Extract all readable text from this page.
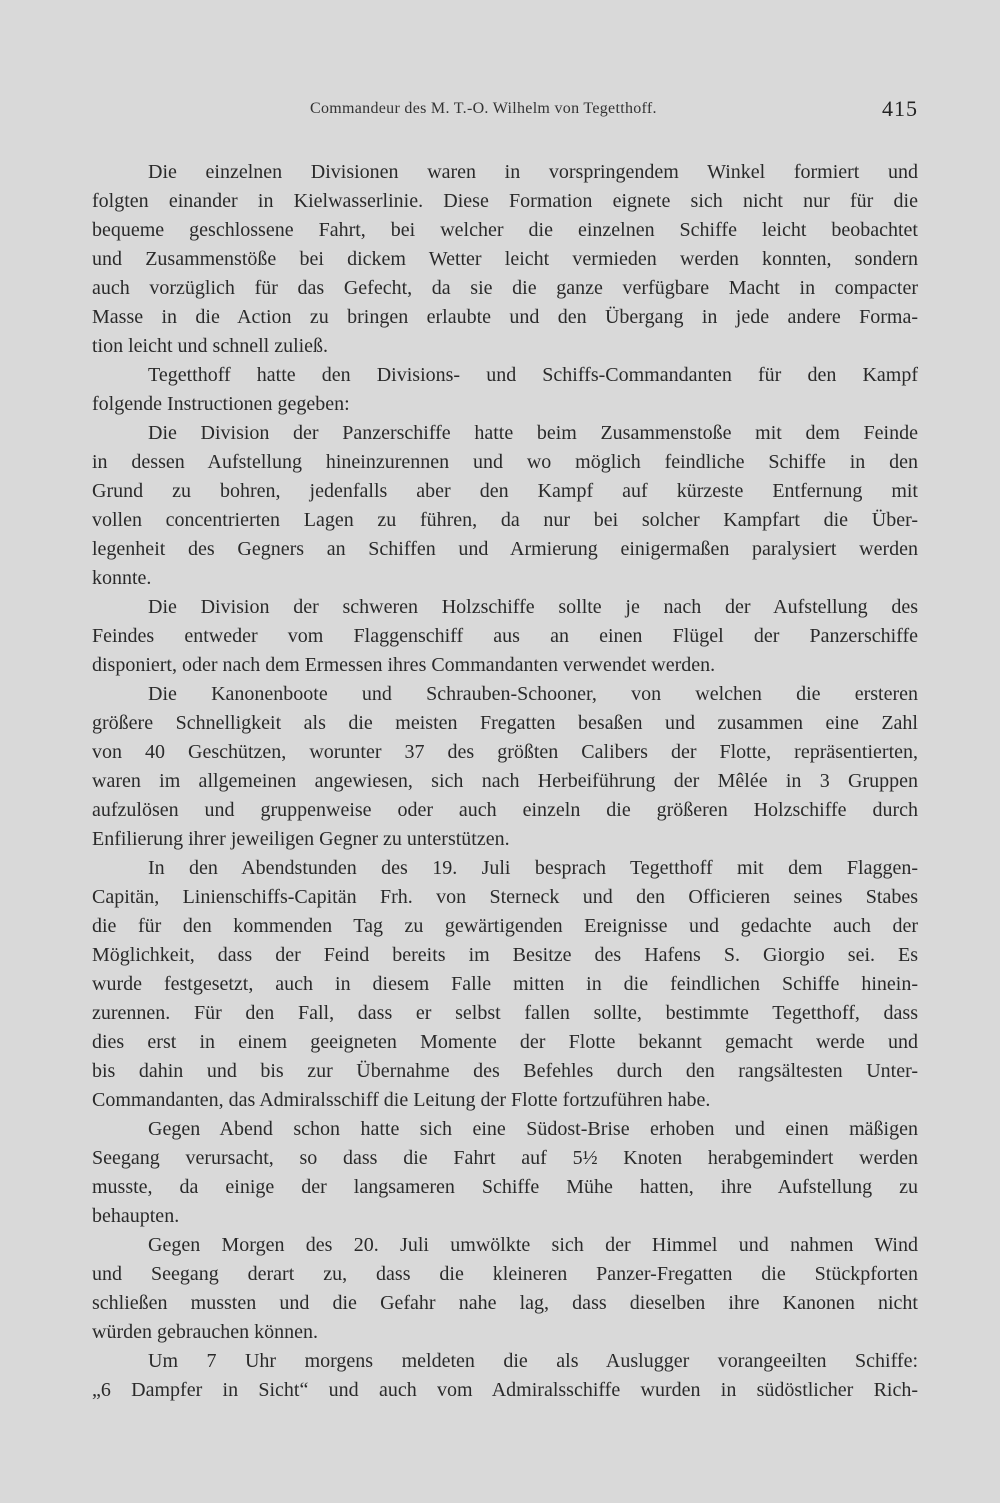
Commandeur des M. T.-O. Wilhelm von Tegetthoff.	415
Die einzelnen Divisionen waren in vorspringendem Winkel formiert und
folgten einander in Kielwasserlinie. Diese Formation eignete sich nicht nur für die
bequeme geschlossene Fahrt, bei welcher die einzelnen Schiffe leicht beobachtet
und Zusammenstöße bei dickem Wetter leicht vermieden werden konnten, sondern
auch vorzüglich für das Gefecht, da sie die ganze verfügbare Macht in compacter
Masse in die Action zu bringen erlaubte und den Übergang in jede andere Forma-
tion leicht und schnell zuließ.
Tegetthoff hatte den Divisions- und Schiffs-Commandanten für den Kampf
folgende Instructionen gegeben:
Die Division der Panzerschiffe hatte beim Zusammenstoße mit dem Feinde
in dessen Aufstellung hineinzurennen und wo möglich feindliche Schiffe in den
Grund zu bohren, jedenfalls aber den Kampf auf kürzeste Entfernung mit
vollen concentrierten Lagen zu führen, da nur bei solcher Kampfart die Über-
legenheit des Gegners an Schiffen und Armierung einigermaßen paralysiert werden
konnte.
Die Division der schweren Holzschiffe sollte je nach der Aufstellung des
Feindes entweder vom Flaggenschiff aus an einen Flügel der Panzerschiffe
disponiert, oder nach dem Ermessen ihres Commandanten verwendet werden.
Die Kanonenboote und Schrauben-Schooner, von welchen die ersteren
größere Schnelligkeit als die meisten Fregatten besaßen und zusammen eine Zahl
von 40 Geschützen, worunter 37 des größten Calibers der Flotte, repräsentierten,
waren im allgemeinen angewiesen, sich nach Herbeiführung der Mêlée in 3 Gruppen
aufzulösen und gruppenweise oder auch einzeln die größeren Holzschiffe durch
Enfilierung ihrer jeweiligen Gegner zu unterstützen.
In den Abendstunden des 19. Juli besprach Tegetthoff mit dem Flaggen-
Capitän, Linienschiffs-Capitän Frh. von Sterneck und den Officieren seines Stabes
die für den kommenden Tag zu gewärtigenden Ereignisse und gedachte auch der
Möglichkeit, dass der Feind bereits im Besitze des Hafens S. Giorgio sei. Es
wurde festgesetzt, auch in diesem Falle mitten in die feindlichen Schiffe hinein-
zurennen. Für den Fall, dass er selbst fallen sollte, bestimmte Tegetthoff, dass
dies erst in einem geeigneten Momente der Flotte bekannt gemacht werde und
bis dahin und bis zur Übernahme des Befehles durch den rangsältesten Unter-
Commandanten, das Admiralsschiff die Leitung der Flotte fortzuführen habe.
Gegen Abend schon hatte sich eine Südost-Brise erhoben und einen mäßigen
Seegang verursacht, so dass die Fahrt auf 5½ Knoten herabgemindert werden
musste, da einige der langsameren Schiffe Mühe hatten, ihre Aufstellung zu
behaupten.
Gegen Morgen des 20. Juli umwölkte sich der Himmel und nahmen Wind
und Seegang derart zu, dass die kleineren Panzer-Fregatten die Stückpforten
schließen mussten und die Gefahr nahe lag, dass dieselben ihre Kanonen nicht
würden gebrauchen können.
Um 7 Uhr morgens meldeten die als Auslugger vorangeeilten Schiffe:
„6 Dampfer in Sicht“ und auch vom Admiralsschiffe wurden in südöstlicher Rich-
